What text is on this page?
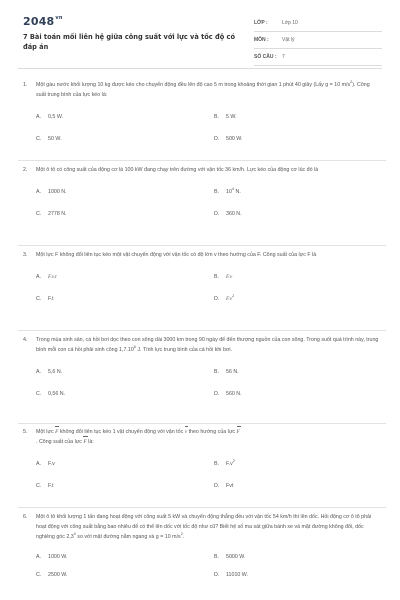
$2048^{vn}$
7 Bài toán mối liên hệ giữa công suất với lực và tốc độ có đáp án
LỚP :	Lớp 10
MÔN :	Vật lý
SỐ CÂU :	7
1.	Một gàu nước khối lượng 10 kg được kéo cho chuyển động đều lên độ cao 5 m trong khoảng thời gian 1 phút 40 giây (Lấy g = 10 $m/s^2$). Công suất trung bình của lực kéo là:
A. 0,5 W.	B. 5 W.
C. 50 W.	D. 500 W.
2.	Một ô tô có công suất của động cơ là 100 kW đang chạy trên đường với vận tốc 36 km/h. Lực kéo của động cơ lúc đó là
A. 1000 N.	B. $10^4$ N.
C. 2778 N.	D. 360 N.
3.	Một lực F không đổi liên tục kéo một vật chuyển động với vận tốc có độ lớn v theo hướng của F. Công suất của lực F là
A. F.v.t	B. F.v
C. F.t	D. $F.v^2$
4.	Trong mùa sinh sản, cá hồi bơi dọc theo con sông dài 3000 km trong 90 ngày để đến thượng nguồn của con sông. Trong suốt quá trình này, trung bình mỗi con cá hồi phải sinh công 1,7.10$^6$ J. Tính lực trung bình của cá hồi khi bơi.
A. 5,6 N.	B. 56 N.
C. 0,56 N.	D. 560 N.
5.	Một lực F không đổi liên tục kéo 1 vật chuyển động với vận tốc v theo hướng của lực F
. Công suất của lực F là:
A. F.v	B. $F.v^2$
C. F.t	D. Fvt
6.	Một ô tô khối lượng 1 tấn đang hoạt động với công suất 5 kW và chuyển động thẳng đều với vận tốc 54 km/h thì lên dốc. Hỏi động cơ ô tô phải hoạt động với công suất bằng bao nhiêu để có thể lên dốc với tốc độ như cũ? Biết hệ số ma sát giữa bánh xe và mặt đường không đổi, dốc nghiêng góc $2,3^0$ so với mặt đường nằm ngang và g = 10 $m/s^2$.
A. 1000 W.	B. 5000 W.
C. 2500 W.	D. 11010 W.
